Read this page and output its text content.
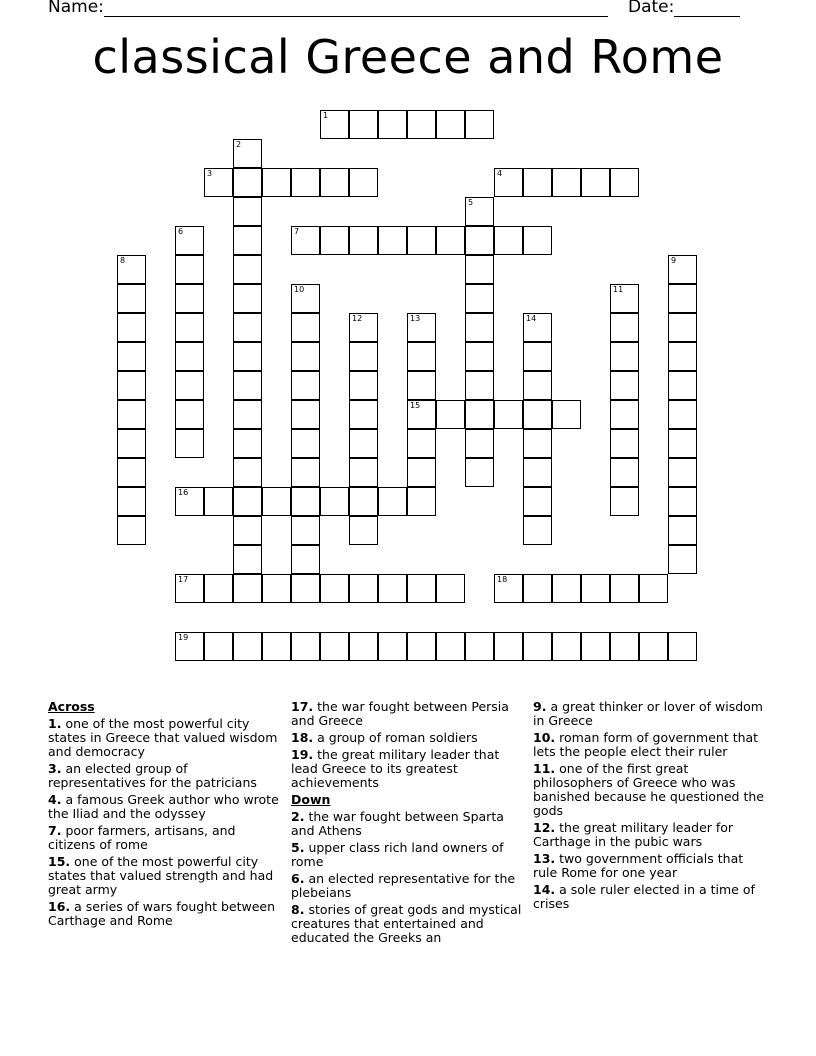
Name:	Date:
classical Greece and Rome
1
2
3	4
5
6	7
8	9
10	11
12	13
15
14
16
17	18
19
Across

1. one of the most powerful city states in Greece that valued wisdom and democracy

3. an elected group of representatives for the patricians

4. a famous Greek author who wrote the Iliad and the odyssey

7. poor farmers, artisans, and citizens of rome

15. one of the most powerful city states that valued strength and had great army

16. a series of wars fought between Carthage and Rome

17. the war fought between Persia and Greece

18. a group of roman soldiers

19. the great military leader that lead Greece to its greatest achievements

Down

2. the war fought between Sparta and Athens

5. upper class rich land owners of rome

6. an elected representative for the plebeians

8. stories of great gods and mystical creatures that entertained and educated the Greeks an

9. a great thinker or lover of wisdom in Greece

10. roman form of government that lets the people elect their ruler

11. one of the first great philosophers of Greece who was banished because he questioned the gods

12. the great military leader for Carthage in the pubic wars

13. two government officials that rule Rome for one year

14. a sole ruler elected in a time of crises
